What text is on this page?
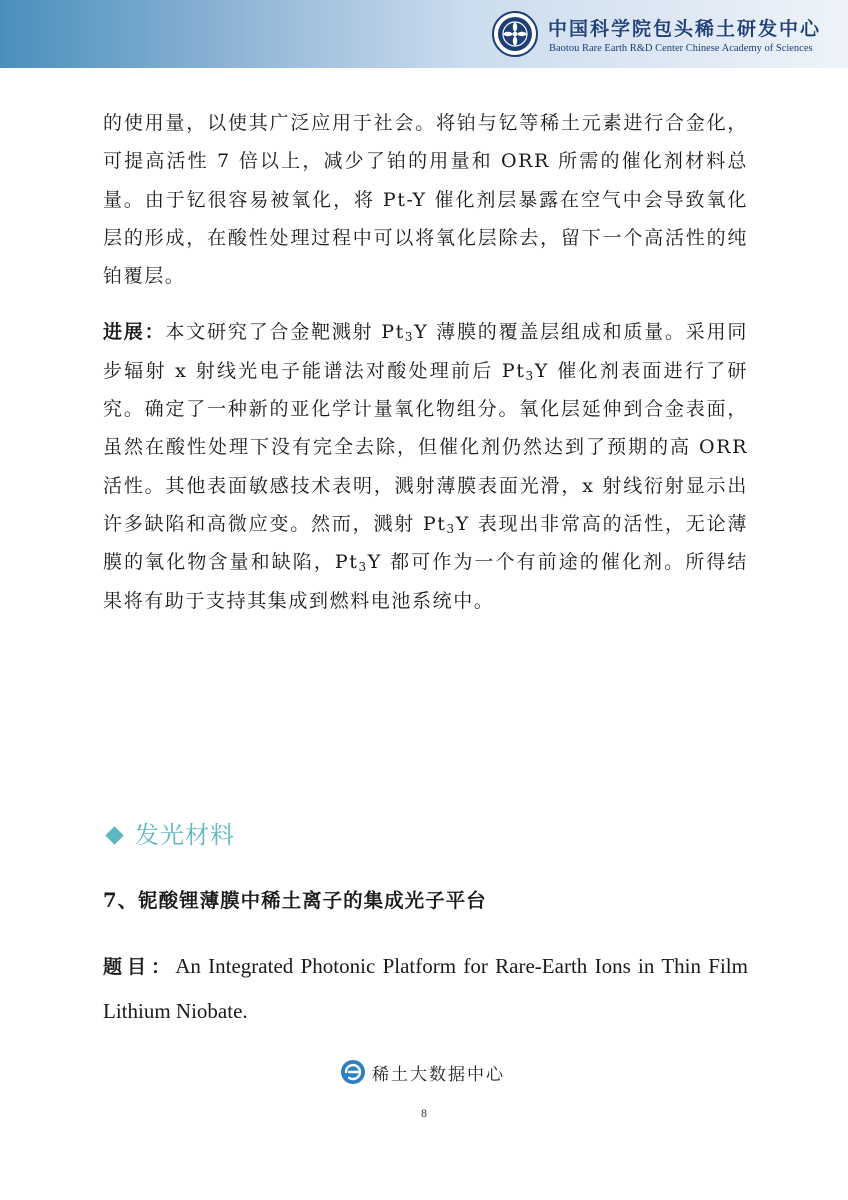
中国科学院包头稀土研发中心
Baotou Rare Earth R&D Center Chinese Academy of Sciences

的使用量，以使其广泛应用于社会。将铂与钇等稀土元素进行合金化，可提高活性 7 倍以上，减少了铂的用量和 ORR 所需的催化剂材料总量。由于钇很容易被氧化，将 Pt-Y 催化剂层暴露在空气中会导致氧化层的形成，在酸性处理过程中可以将氧化层除去，留下一个高活性的纯铂覆层。

进展：本文研究了合金靶溅射 $Pt_3Y$ 薄膜的覆盖层组成和质量。采用同步辐射 x 射线光电子能谱法对酸处理前后 $Pt_3Y$ 催化剂表面进行了研究。确定了一种新的亚化学计量氧化物组分。氧化层延伸到合金表面，虽然在酸性处理下没有完全去除，但催化剂仍然达到了预期的高 ORR 活性。其他表面敏感技术表明，溅射薄膜表面光滑，x 射线衍射显示出许多缺陷和高微应变。然而，溅射 $Pt_3Y$ 表现出非常高的活性，无论薄膜的氧化物含量和缺陷，$Pt_3Y$ 都可作为一个有前途的催化剂。所得结果将有助于支持其集成到燃料电池系统中。

发光材料
7、铌酸锂薄膜中稀土离子的集成光子平台
题目：An Integrated Photonic Platform for Rare-Earth Ions in Thin Film Lithium Niobate.
稀土大数据中心
8
